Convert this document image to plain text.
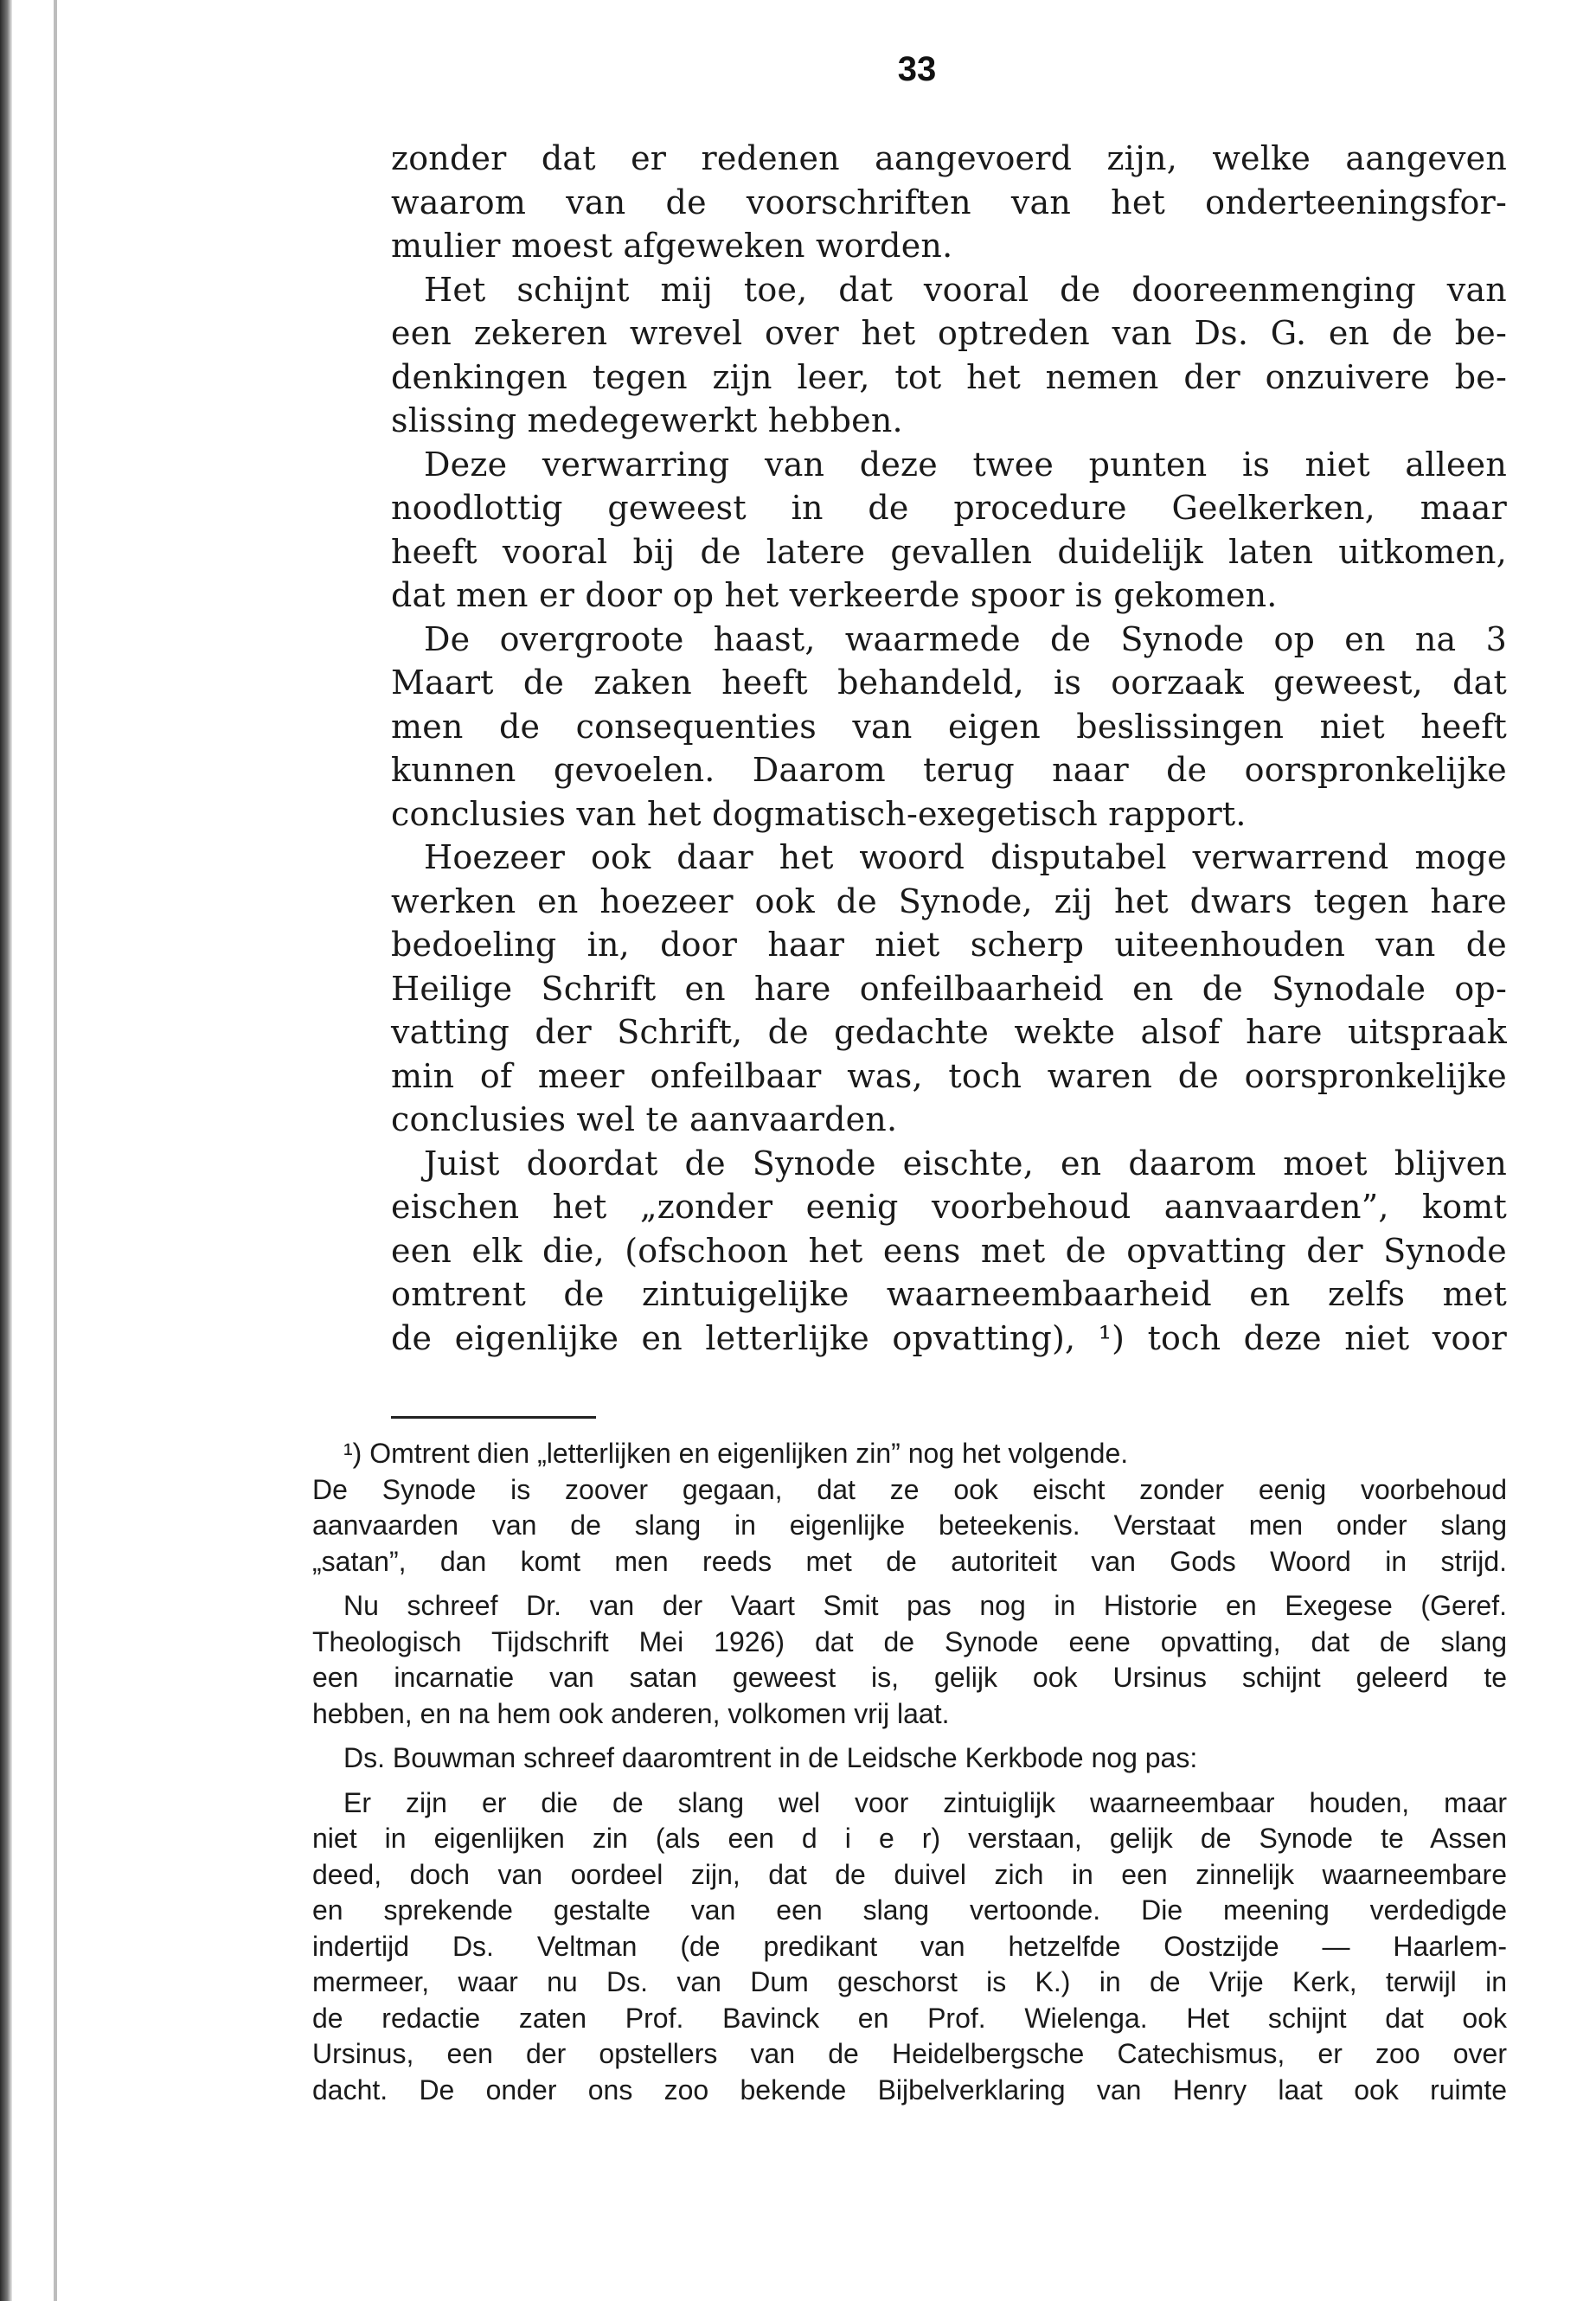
33
zonder dat er redenen aangevoerd zijn, welke aangeven
waarom van de voorschriften van het onderteeningsfor-
mulier moest afgeweken worden.
Het schijnt mij toe, dat vooral de dooreenmenging van
een zekeren wrevel over het optreden van Ds. G. en de be-
denkingen tegen zijn leer, tot het nemen der onzuivere be-
slissing medegewerkt hebben.
Deze verwarring van deze twee punten is niet alleen
noodlottig geweest in de procedure Geelkerken, maar
heeft vooral bij de latere gevallen duidelijk laten uitkomen,
dat men er door op het verkeerde spoor is gekomen.
De overgroote haast, waarmede de Synode op en na 3
Maart de zaken heeft behandeld, is oorzaak geweest, dat
men de consequenties van eigen beslissingen niet heeft
kunnen gevoelen. Daarom terug naar de oorspronkelijke
conclusies van het dogmatisch-exegetisch rapport.
Hoezeer ook daar het woord disputabel verwarrend moge
werken en hoezeer ook de Synode, zij het dwars tegen hare
bedoeling in, door haar niet scherp uiteenhouden van de
Heilige Schrift en hare onfeilbaarheid en de Synodale op-
vatting der Schrift, de gedachte wekte alsof hare uitspraak
min of meer onfeilbaar was, toch waren de oorspronkelijke
conclusies wel te aanvaarden.
Juist doordat de Synode eischte, en daarom moet blijven
eischen het „zonder eenig voorbehoud aanvaarden”, komt
een elk die, (ofschoon het eens met de opvatting der Synode
omtrent de zintuigelijke waarneembaarheid en zelfs met
de eigenlijke en letterlijke opvatting), ¹) toch deze niet voor
¹) Omtrent dien „letterlijken en eigenlijken zin” nog het volgende.
De Synode is zoover gegaan, dat ze ook eischt zonder eenig voorbehoud
aanvaarden van de slang in eigenlijke beteekenis. Verstaat men onder slang
„satan”, dan komt men reeds met de autoriteit van Gods Woord in strijd.
Nu schreef Dr. van der Vaart Smit pas nog in Historie en Exegese (Geref.
Theologisch Tijdschrift Mei 1926) dat de Synode eene opvatting, dat de slang
een incarnatie van satan geweest is, gelijk ook Ursinus schijnt geleerd te
hebben, en na hem ook anderen, volkomen vrij laat.
Ds. Bouwman schreef daaromtrent in de Leidsche Kerkbode nog pas:
Er zijn er die de slang wel voor zintuiglijk waarneembaar houden, maar
niet in eigenlijken zin (als een d i e r) verstaan, gelijk de Synode te Assen
deed, doch van oordeel zijn, dat de duivel zich in een zinnelijk waarneembare
en sprekende gestalte van een slang vertoonde. Die meening verdedigde
indertijd Ds. Veltman (de predikant van hetzelfde Oostzijde — Haarlem-
mermeer, waar nu Ds. van Dum geschorst is K.) in de Vrije Kerk, terwijl in
de redactie zaten Prof. Bavinck en Prof. Wielenga. Het schijnt dat ook
Ursinus, een der opstellers van de Heidelbergsche Catechismus, er zoo over
dacht. De onder ons zoo bekende Bijbelverklaring van Henry laat ook ruimte
